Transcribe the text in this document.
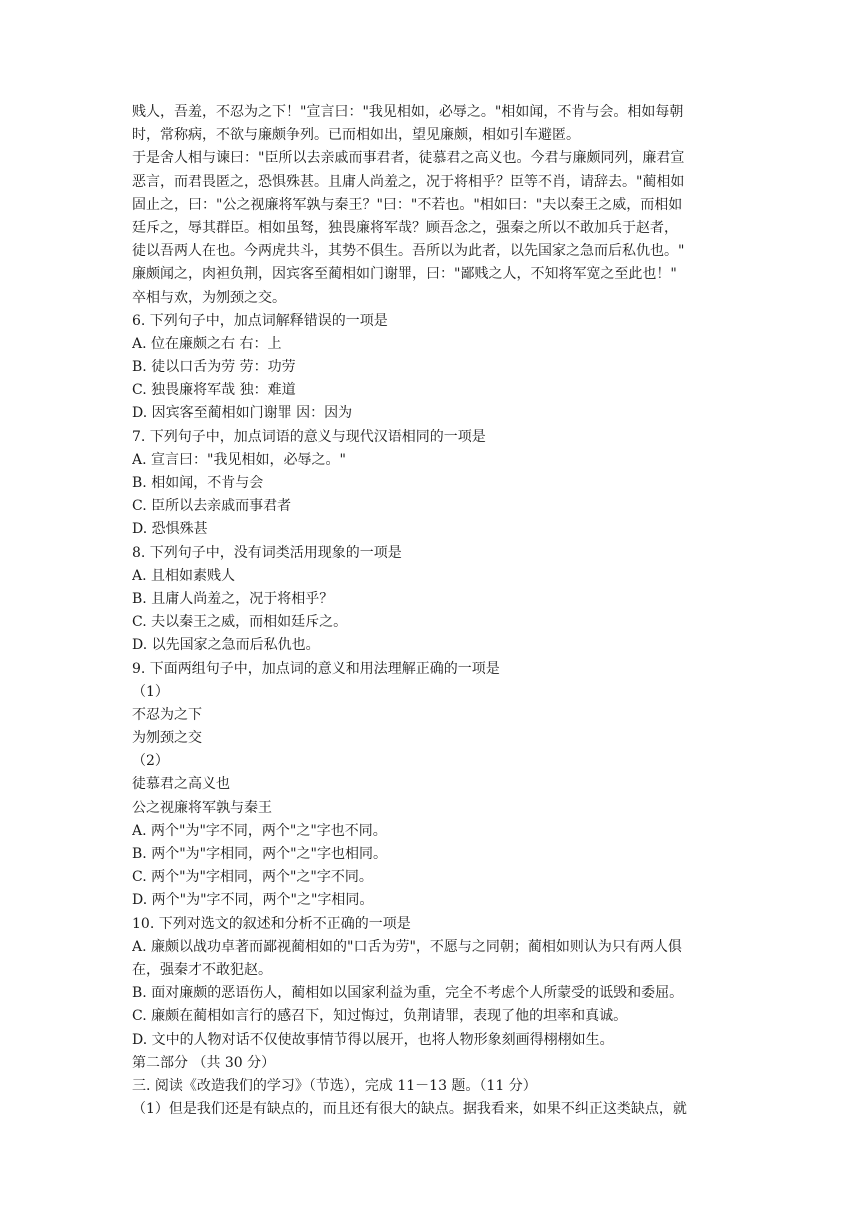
贱人，吾羞，不忍为之下！"宣言曰："我见相如，必辱之。"相如闻，不肯与会。相如每朝
时，常称病，不欲与廉颇争列。已而相如出，望见廉颇，相如引车避匿。
于是舍人相与谏曰："臣所以去亲戚而事君者，徒慕君之高义也。今君与廉颇同列，廉君宣
恶言，而君畏匿之，恐惧殊甚。且庸人尚羞之，况于将相乎？臣等不肖，请辞去。"蔺相如
固止之，曰："公之视廉将军孰与秦王？"曰："不若也。"相如曰："夫以秦王之威，而相如
廷斥之，辱其群臣。相如虽驽，独畏廉将军哉？顾吾念之，强秦之所以不敢加兵于赵者，
徒以吾两人在也。今两虎共斗，其势不俱生。吾所以为此者，以先国家之急而后私仇也。"
廉颇闻之，肉袒负荆，因宾客至蔺相如门谢罪，曰："鄙贱之人，不知将军宽之至此也！"
卒相与欢，为刎颈之交。
6. 下列句子中，加点词解释错误的一项是
A. 位在廉颇之右 右：上
B. 徒以口舌为劳 劳：功劳
C. 独畏廉将军哉 独：难道
D. 因宾客至蔺相如门谢罪 因：因为
7. 下列句子中，加点词语的意义与现代汉语相同的一项是
A. 宣言曰："我见相如，必辱之。"
B. 相如闻，不肯与会
C. 臣所以去亲戚而事君者
D. 恐惧殊甚
8. 下列句子中，没有词类活用现象的一项是
A. 且相如素贱人
B. 且庸人尚羞之，况于将相乎？
C. 夫以秦王之威，而相如廷斥之。
D. 以先国家之急而后私仇也。
9. 下面两组句子中，加点词的意义和用法理解正确的一项是
（1）
不忍为之下
为刎颈之交
（2）
徒慕君之高义也
公之视廉将军孰与秦王
A. 两个"为"字不同，两个"之"字也不同。
B. 两个"为"字相同，两个"之"字也相同。
C. 两个"为"字相同，两个"之"字不同。
D. 两个"为"字不同，两个"之"字相同。
10. 下列对选文的叙述和分析不正确的一项是
A. 廉颇以战功卓著而鄙视蔺相如的"口舌为劳"，不愿与之同朝；蔺相如则认为只有两人俱
在，强秦才不敢犯赵。
B. 面对廉颇的恶语伤人，蔺相如以国家利益为重，完全不考虑个人所蒙受的诋毁和委屈。
C. 廉颇在蔺相如言行的感召下，知过悔过，负荆请罪，表现了他的坦率和真诚。
D. 文中的人物对话不仅使故事情节得以展开，也将人物形象刻画得栩栩如生。
第二部分 （共 30 分）
三. 阅读《改造我们的学习》（节选），完成 11－13 题。（11 分）
（1）但是我们还是有缺点的，而且还有很大的缺点。据我看来，如果不纠正这类缺点，就
